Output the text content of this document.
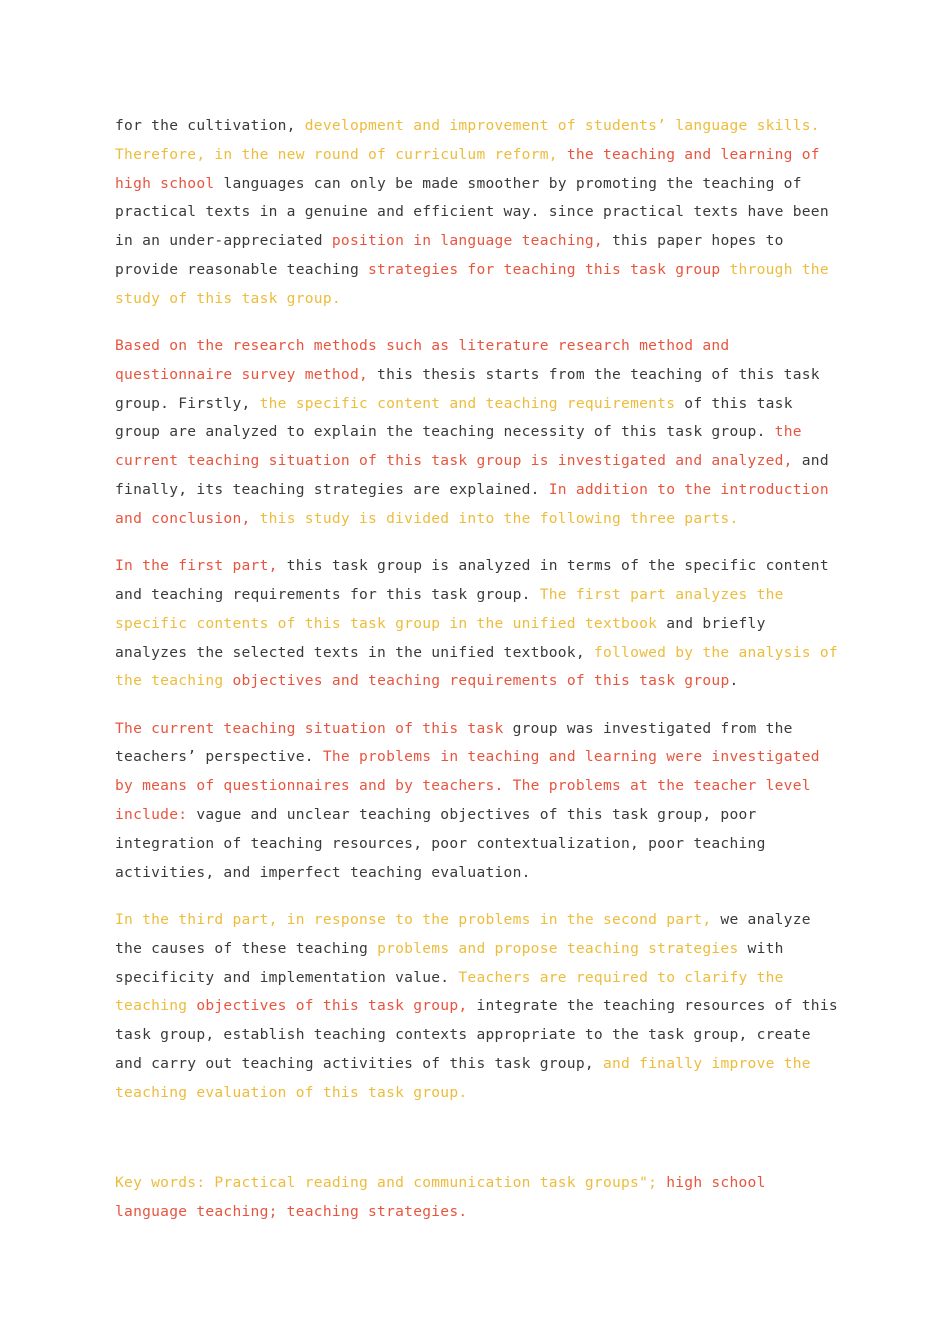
for the cultivation, development and improvement of students’ language skills. Therefore, in the new round of curriculum reform, the teaching and learning of high school languages can only be made smoother by promoting the teaching of practical texts in a genuine and efficient way. since practical texts have been in an under-appreciated position in language teaching, this paper hopes to provide reasonable teaching strategies for teaching this task group through the study of this task group.

Based on the research methods such as literature research method and questionnaire survey method, this thesis starts from the teaching of this task group. Firstly, the specific content and teaching requirements of this task group are analyzed to explain the teaching necessity of this task group. the current teaching situation of this task group is investigated and analyzed, and finally, its teaching strategies are explained. In addition to the introduction and conclusion, this study is divided into the following three parts.

In the first part, this task group is analyzed in terms of the specific content and teaching requirements for this task group. The first part analyzes the specific contents of this task group in the unified textbook and briefly analyzes the selected texts in the unified textbook, followed by the analysis of the teaching objectives and teaching requirements of this task group.

The current teaching situation of this task group was investigated from the teachers’ perspective. The problems in teaching and learning were investigated by means of questionnaires and by teachers. The problems at the teacher level include: vague and unclear teaching objectives of this task group, poor integration of teaching resources, poor contextualization, poor teaching activities, and imperfect teaching evaluation.

In the third part, in response to the problems in the second part, we analyze the causes of these teaching problems and propose teaching strategies with specificity and implementation value. Teachers are required to clarify the teaching objectives of this task group, integrate the teaching resources of this task group, establish teaching contexts appropriate to the task group, create and carry out teaching activities of this task group, and finally improve the teaching evaluation of this task group.

Key words: Practical reading and communication task groups"; high school language teaching; teaching strategies.
